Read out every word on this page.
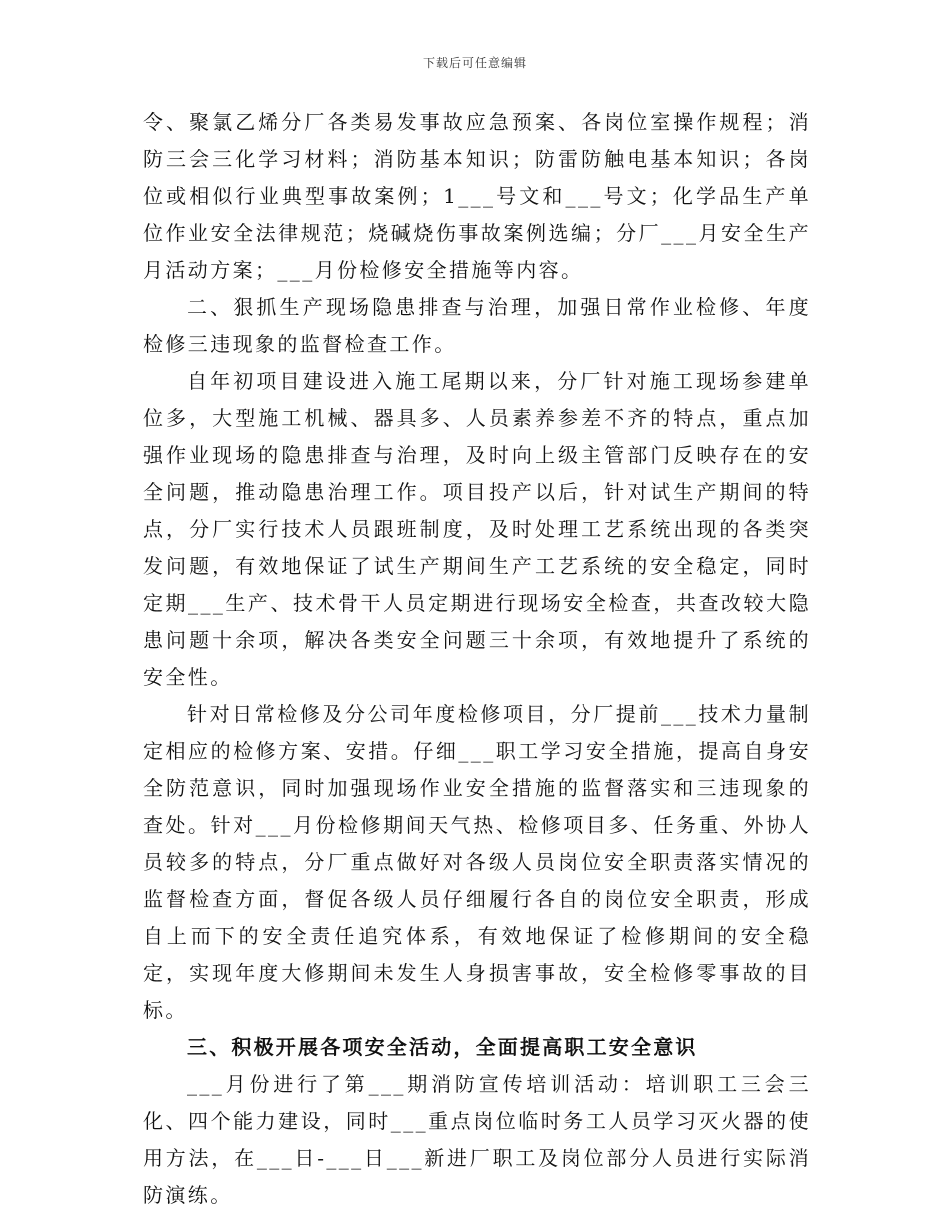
下载后可任意编辑

令、聚氯乙烯分厂各类易发事故应急预案、各岗位室操作规程；消防三会三化学习材料；消防基本知识；防雷防触电基本知识；各岗位或相似行业典型事故案例；1___号文和___号文；化学品生产单位作业安全法律规范；烧碱烧伤事故案例选编；分厂___月安全生产月活动方案；___月份检修安全措施等内容。

二、狠抓生产现场隐患排查与治理，加强日常作业检修、年度检修三违现象的监督检查工作。

自年初项目建设进入施工尾期以来，分厂针对施工现场参建单位多，大型施工机械、器具多、人员素养参差不齐的特点，重点加强作业现场的隐患排查与治理，及时向上级主管部门反映存在的安全问题，推动隐患治理工作。项目投产以后，针对试生产期间的特点，分厂实行技术人员跟班制度，及时处理工艺系统出现的各类突发问题，有效地保证了试生产期间生产工艺系统的安全稳定，同时定期___生产、技术骨干人员定期进行现场安全检查，共查改较大隐患问题十余项，解决各类安全问题三十余项，有效地提升了系统的安全性。

针对日常检修及分公司年度检修项目，分厂提前___技术力量制定相应的检修方案、安措。仔细___职工学习安全措施，提高自身安全防范意识，同时加强现场作业安全措施的监督落实和三违现象的查处。针对___月份检修期间天气热、检修项目多、任务重、外协人员较多的特点，分厂重点做好对各级人员岗位安全职责落实情况的监督检查方面，督促各级人员仔细履行各自的岗位安全职责，形成自上而下的安全责任追究体系，有效地保证了检修期间的安全稳定，实现年度大修期间未发生人身损害事故，安全检修零事故的目标。

三、积极开展各项安全活动，全面提高职工安全意识

___月份进行了第___期消防宣传培训活动：培训职工三会三化、四个能力建设，同时___重点岗位临时务工人员学习灭火器的使用方法，在___日-___日___新进厂职工及岗位部分人员进行实际消防演练。
